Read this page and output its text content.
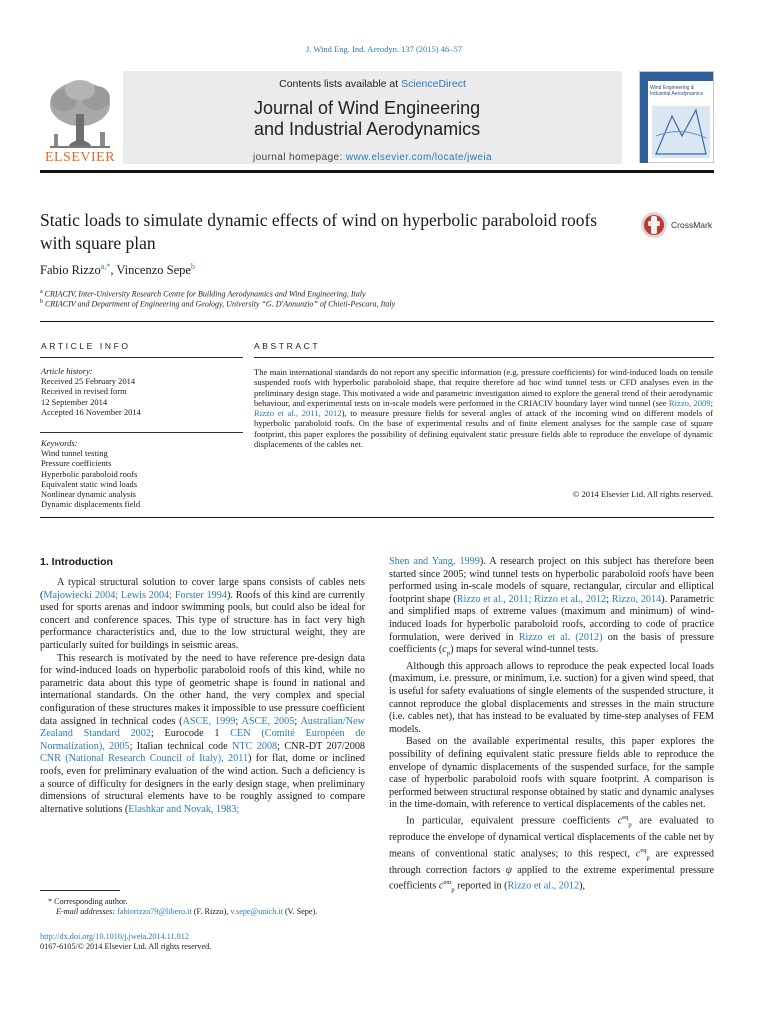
J. Wind Eng. Ind. Aerodyn. 137 (2015) 46–57
Contents lists available at ScienceDirect
Journal of Wind Engineering
and Industrial Aerodynamics
journal homepage: www.elsevier.com/locate/jweia
ELSEVIER
Wind Engineering & Industrial Aerodynamics
Static loads to simulate dynamic effects of wind on hyperbolic paraboloid roofs with square plan
CrossMark
Fabio Rizzo$^{a,*}$, Vincenzo Sepe$^b$
$^a$ CRIACIV, Inter-University Research Centre for Building Aerodynamics and Wind Engineering, Italy
$^b$ CRIACIV and Department of Engineering and Geology, University “G. D'Annunzio” of Chieti-Pescara, Italy
ARTICLE INFO	ABSTRACT
Article history:
Received 25 February 2014
Received in revised form
12 September 2014
Accepted 16 November 2014
Keywords:
Wind tunnel testing
Pressure coefficients
Hyperbolic paraboloid roofs
Equivalent static wind loads
Nonlinear dynamic analysis
Dynamic displacements field
The main international standards do not report any specific information (e.g. pressure coefficients) for wind-induced loads on tensile suspended roofs with hyperbolic paraboloid shape, that require therefore ad hoc wind tunnel tests or CFD analyses even in the preliminary design stage. This motivated a wide and parametric investigation aimed to explore the general trend of their aerodynamic behaviour, and experimental tests on in-scale models were performed in the CRIACIV boundary layer wind tunnel (see Rizzo, 2009; Rizzo et al., 2011, 2012), to measure pressure fields for several angles of attack of the incoming wind on different models of hyperbolic paraboloid roofs. On the base of experimental results and of finite element analyses for the sample case of square footprint, this paper explores the possibility of defining equivalent static pressure fields able to reproduce the envelope of dynamic displacements of the cables net.
© 2014 Elsevier Ltd. All rights reserved.
1. Introduction

A typical structural solution to cover large spans consists of cables nets (Majowiecki 2004; Lewis 2004; Forster 1994). Roofs of this kind are currently used for sports arenas and indoor swimming pools, but could also be ideal for concert and conference spaces. This type of structure has in fact very high performance characteristics and, due to the low structural weight, they are particularly suited for buildings in seismic areas.

This research is motivated by the need to have reference pre-design data for wind-induced loads on hyperbolic paraboloid roofs of this kind, while no parametric data about this type of geometric shape is found in national and international standards. On the other hand, the very complex and special configuration of these structures makes it impossible to use pressure coefficient data assigned in technical codes (ASCE, 1999; ASCE, 2005; Australian/New Zealand Standard 2002; Eurocode 1 CEN (Comité Européen de Normalization), 2005; Italian technical code NTC 2008; CNR-DT 207/2008 CNR (National Research Council of Italy), 2011) for flat, dome or inclined roofs, even for preliminary evaluation of the wind action. Such a deficiency is a source of difficulty for designers in the early design stage, when preliminary dimensions of structural elements have to be roughly assigned to compare alternative solutions (Elashkar and Novak, 1983;

Shen and Yang, 1999). A research project on this subject has therefore been started since 2005; wind tunnel tests on hyperbolic paraboloid roofs have been performed using in-scale models of square, rectangular, circular and elliptical footprint shape (Rizzo et al., 2011; Rizzo et al., 2012; Rizzo, 2014). Parametric and simplified maps of extreme values (maximum and minimum) of wind-induced loads for hyperbolic paraboloid roofs, according to code of practice formulation, were derived in Rizzo et al. (2012) on the basis of pressure coefficients $(c_p)$ maps for several wind-tunnel tests.

Although this approach allows to reproduce the peak expected local loads (maximum, i.e. pressure, or minimum, i.e. suction) for a given wind speed, that is useful for safety evaluations of single elements of the suspended structure, it cannot reproduce the global displacements and stresses in the main structure (i.e. cables net), that has instead to be evaluated by time-step analyses of FEM models.

Based on the available experimental results, this paper explores the possibility of defining equivalent static pressure fields able to reproduce the envelope of dynamic displacements of the suspended surface, for the sample case of hyperbolic paraboloid roofs with square footprint. A comparison is performed between structural response obtained by static and dynamic analyses in the time-domain, with reference to vertical displacements of the cables net.

In particular, equivalent pressure coefficients $c^{eq}_p$ are evaluated to reproduce the envelope of dynamical vertical displacements of the cable net by means of conventional static analyses; to this respect, $c^{eq}_p$ are expressed through correction factors ψ applied to the extreme experimental pressure coefficients $c^{em}_p$ reported in (Rizzo et al., 2012),

* Corresponding author.
E-mail addresses: fabiorizzo79@libero.it (F. Rizzo), v.sepe@unich.it (V. Sepe).
http://dx.doi.org/10.1016/j.jweia.2014.11.012
0167-6105/© 2014 Elsevier Ltd. All rights reserved.
